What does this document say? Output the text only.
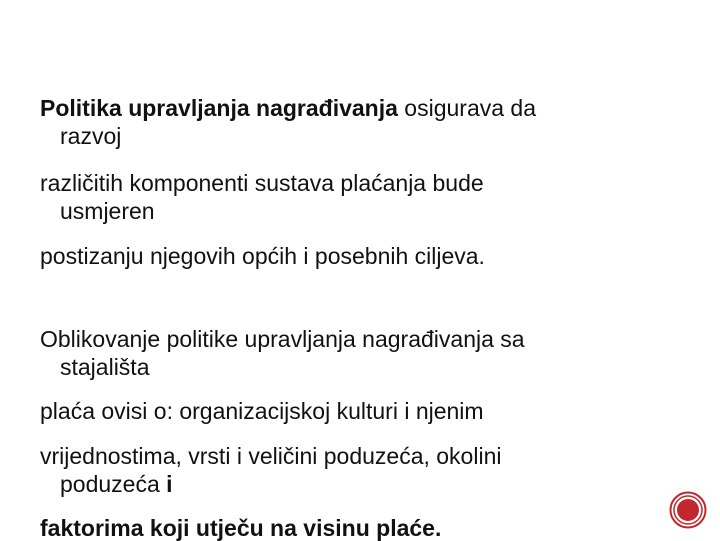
Politika upravljanja nagrađivanja osigurava da

razvoj

različitih komponenti sustava plaćanja bude

usmjeren

postizanju njegovih općih i posebnih ciljeva.

Oblikovanje politike upravljanja nagrađivanja sa

stajališta

plaća ovisi o: organizacijskoj kulturi i njenim

vrijednostima, vrsti i veličini poduzeća, okolini

poduzeća i

faktorima koji utječu na visinu plaće.
